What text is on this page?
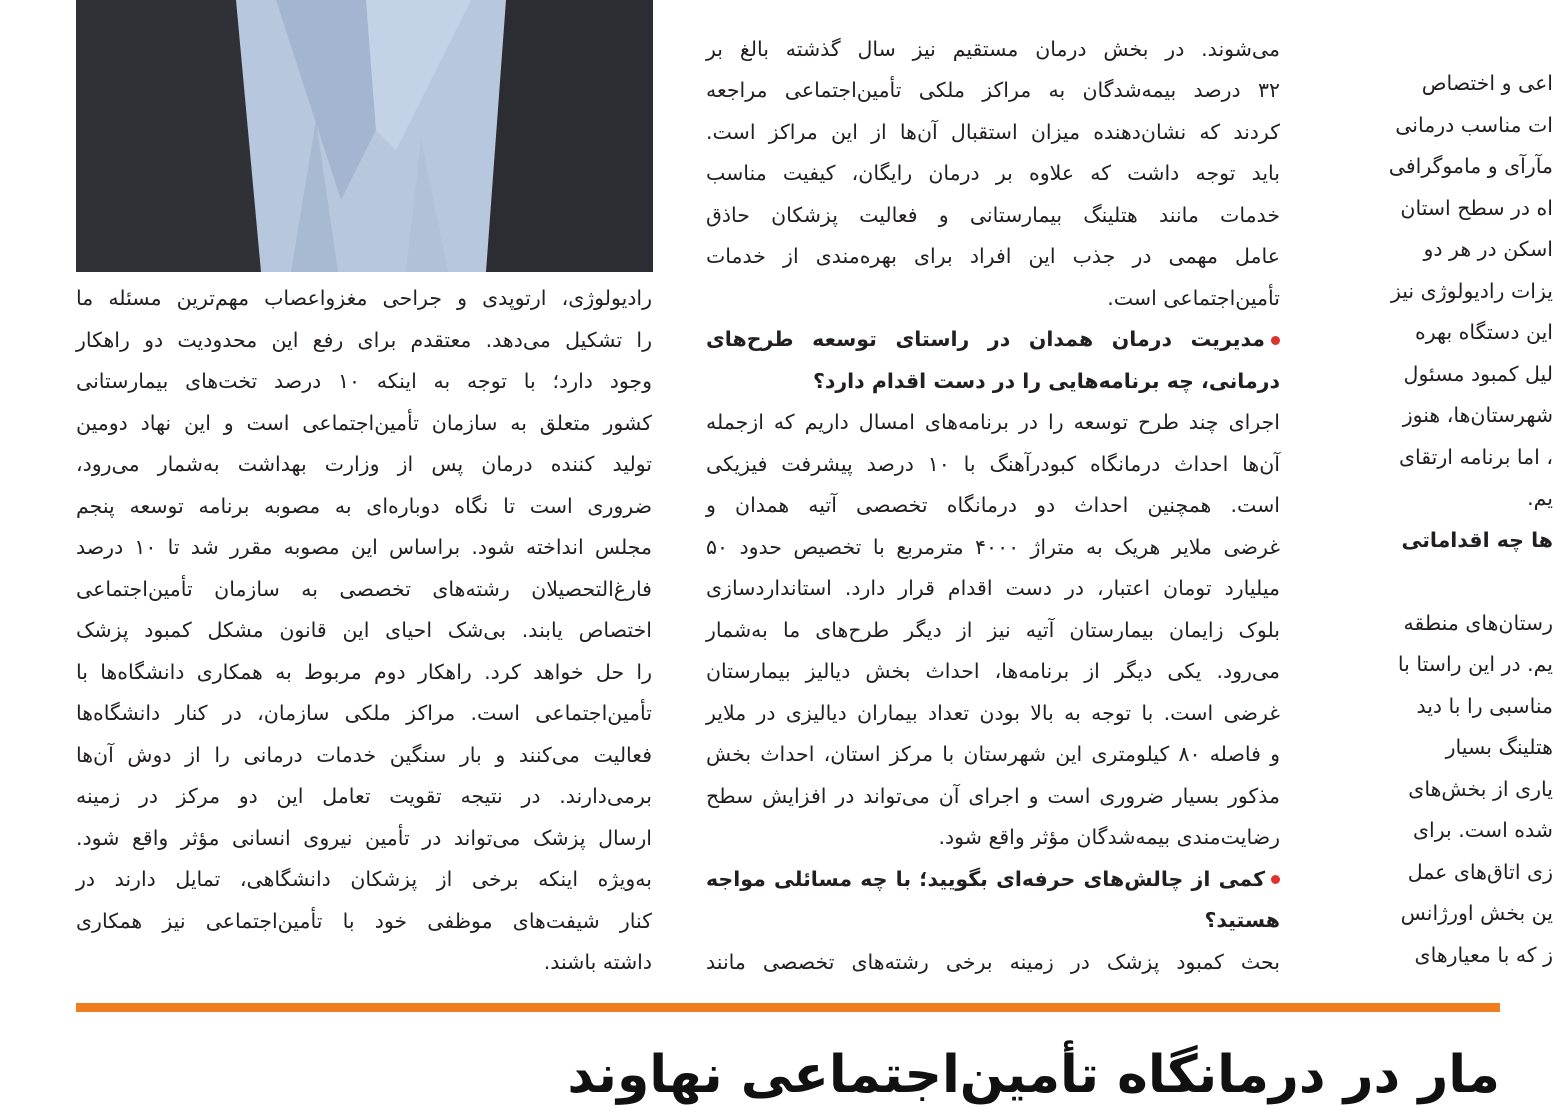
رادیولوژی، ارتوپدی و جراحی مغزواعصاب مهم‌ترین مسئله ما
را تشکیل می‌دهد. معتقدم برای رفع این محدودیت دو راهکار
وجود دارد؛ با توجه به اینکه ۱۰ درصد تخت‌های بیمارستانی
کشور متعلق به سازمان تأمین‌اجتماعی است و این نهاد دومین
تولید کننده درمان پس از وزارت بهداشت به‌شمار می‌رود،
ضروری است تا نگاه دوباره‌ای به مصوبه برنامه توسعه پنجم
مجلس انداخته شود. براساس این مصوبه مقرر شد تا ۱۰ درصد
فارغ‌التحصیلان رشته‌های تخصصی به سازمان تأمین‌اجتماعی
اختصاص یابند. بی‌شک احیای این قانون مشکل کمبود پزشک
را حل خواهد کرد. راهکار دوم مربوط به همکاری دانشگاه‌ها با
تأمین‌اجتماعی است. مراکز ملکی سازمان، در کنار دانشگاه‌ها
فعالیت می‌کنند و بار سنگین خدمات درمانی را از دوش آن‌ها
برمی‌دارند. در نتیجه تقویت تعامل این دو مرکز در زمینه
ارسال پزشک می‌تواند در تأمین نیروی انسانی مؤثر واقع شود.
به‌ویژه اینکه برخی از پزشکان دانشگاهی، تمایل دارند در
کنار شیفت‌های موظفی خود با تأمین‌اجتماعی نیز همکاری
داشته باشند.

می‌شوند. در بخش درمان مستقیم نیز سال گذشته بالغ بر
۳۲ درصد بیمه‌شدگان به مراکز ملکی تأمین‌اجتماعی مراجعه
کردند که نشان‌دهنده میزان استقبال آن‌ها از این مراکز است.
باید توجه داشت که علاوه بر درمان رایگان، کیفیت مناسب
خدمات مانند هتلینگ بیمارستانی و فعالیت پزشکان حاذق
عامل مهمی در جذب این افراد برای بهره‌مندی از خدمات
تأمین‌اجتماعی است.
مدیریت درمان همدان در راستای توسعه طرح‌های
درمانی، چه برنامه‌هایی را در دست اقدام دارد؟
اجرای چند طرح توسعه را در برنامه‌های امسال داریم که ازجمله
آن‌ها احداث درمانگاه کبودرآهنگ با ۱۰ درصد پیشرفت فیزیکی
است. همچنین احداث دو درمانگاه تخصصی آتیه همدان و
غرضی ملایر هریک به متراژ ۴۰۰۰ مترمربع با تخصیص حدود ۵۰
میلیارد تومان اعتبار، در دست اقدام قرار دارد. استانداردسازی
بلوک زایمان بیمارستان آتیه نیز از دیگر طرح‌های ما به‌شمار
می‌رود. یکی دیگر از برنامه‌ها، احداث بخش دیالیز بیمارستان
غرضی است. با توجه به بالا بودن تعداد بیماران دیالیزی در ملایر
و فاصله ۸۰ کیلومتری این شهرستان با مرکز استان، احداث بخش
مذکور بسیار ضروری است و اجرای آن می‌تواند در افزایش سطح
رضایت‌مندی بیمه‌شدگان مؤثر واقع شود.
کمی از چالش‌های حرفه‌ای بگویید؛ با چه مسائلی مواجه
هستید؟
بحث کمبود پزشک در زمینه برخی رشته‌های تخصصی مانند
اعی و اختصاص
ات مناسب درمانی
مآرآی و ماموگرافی
اه در سطح استان
اسکن در هر دو
یزات رادیولوژی نیز
این دستگاه بهره
لیل کمبود مسئول
شهرستان‌ها، هنوز
، اما برنامه ارتقای
یم.
ها چه اقداماتی
رستان‌های منطقه
یم. در این راستا با
مناسبی را با دید
هتلینگ بسیار
یاری از بخش‌های
شده است. برای
زی اتاق‌های عمل
ین بخش اورژانس
ز که با معیارهای
مار در درمانگاه تأمین‌اجتماعی نهاوند
